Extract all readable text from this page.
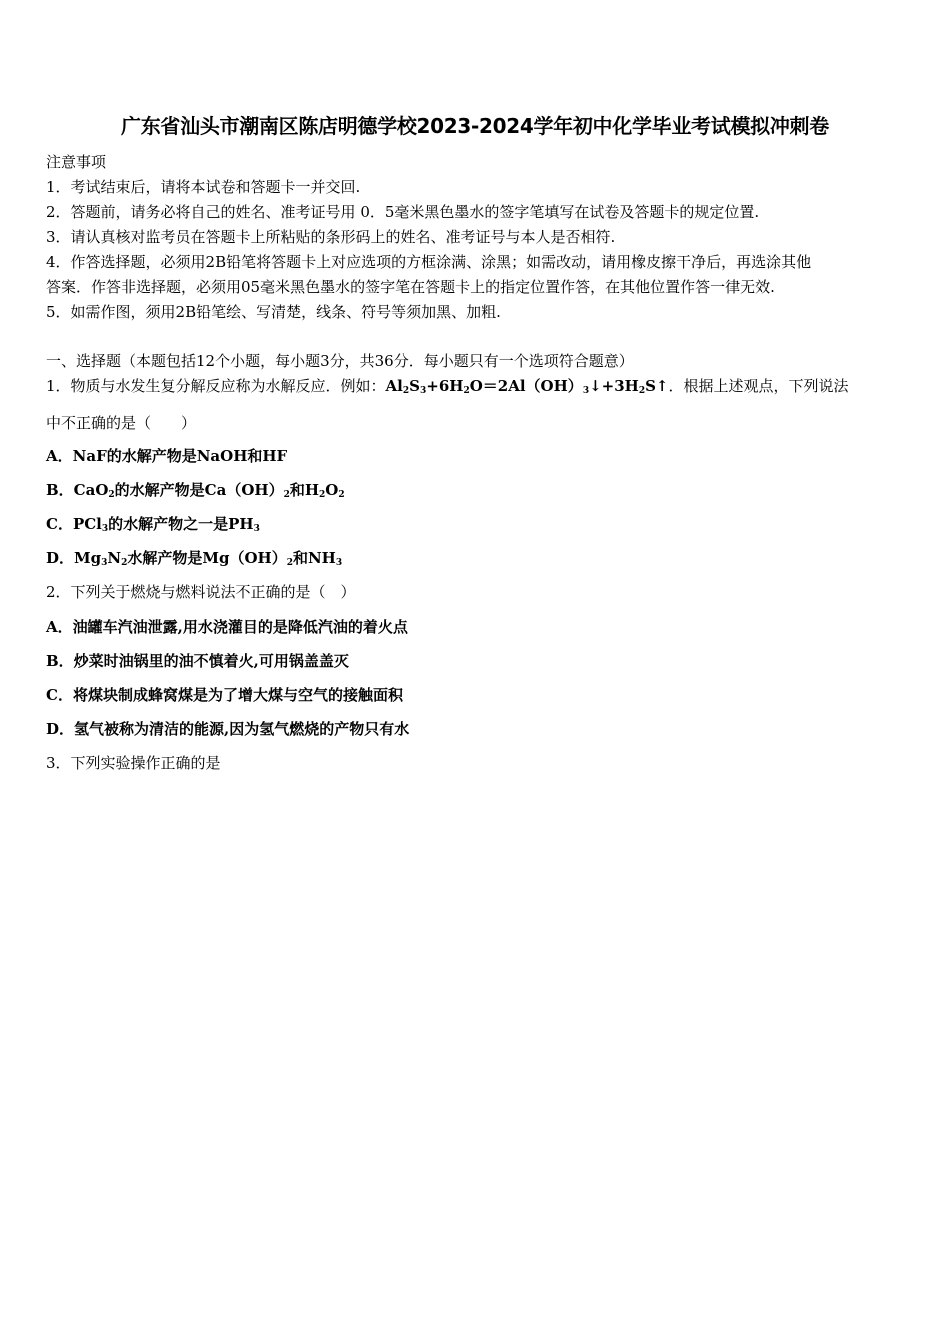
广东省汕头市潮南区陈店明德学校2023-2024学年初中化学毕业考试模拟冲刺卷

注意事项

1．考试结束后，请将本试卷和答题卡一并交回.

2．答题前，请务必将自己的姓名、准考证号用 0．5毫米黑色墨水的签字笔填写在试卷及答题卡的规定位置.

3．请认真核对监考员在答题卡上所粘贴的条形码上的姓名、准考证号与本人是否相符.

4．作答选择题，必须用2B铅笔将答题卡上对应选项的方框涂满、涂黑；如需改动，请用橡皮擦干净后，再选涂其他

答案．作答非选择题，必须用05毫米黑色墨水的签字笔在答题卡上的指定位置作答，在其他位置作答一律无效.

5．如需作图，须用2B铅笔绘、写清楚，线条、符号等须加黑、加粗.

一、选择题（本题包括12个小题，每小题3分，共36分．每小题只有一个选项符合题意）
1．物质与水发生复分解反应称为水解反应．例如：$Al_2S_3+6H_2O=2Al(OH)_3↓+3H_2S↑$．根据上述观点，下列说法
中不正确的是（　　）
A．NaF的水解产物是NaOH和HF
B．CaO$_2$的水解产物是$Ca(OH)_2$和$H_2O_2$
C．PCl$_3$的水解产物之一是$PH_3$
D．$Mg_3N_2$水解产物是$Mg(OH)_2$和$NH_3$
2．下列关于燃烧与燃料说法不正确的是（　）
A．油罐车汽油泄露,用水浇灌目的是降低汽油的着火点
B．炒菜时油锅里的油不慎着火,可用锅盖盖灭
C．将煤块制成蜂窝煤是为了增大煤与空气的接触面积
D．氢气被称为清洁的能源,因为氢气燃烧的产物只有水
3．下列实验操作正确的是
